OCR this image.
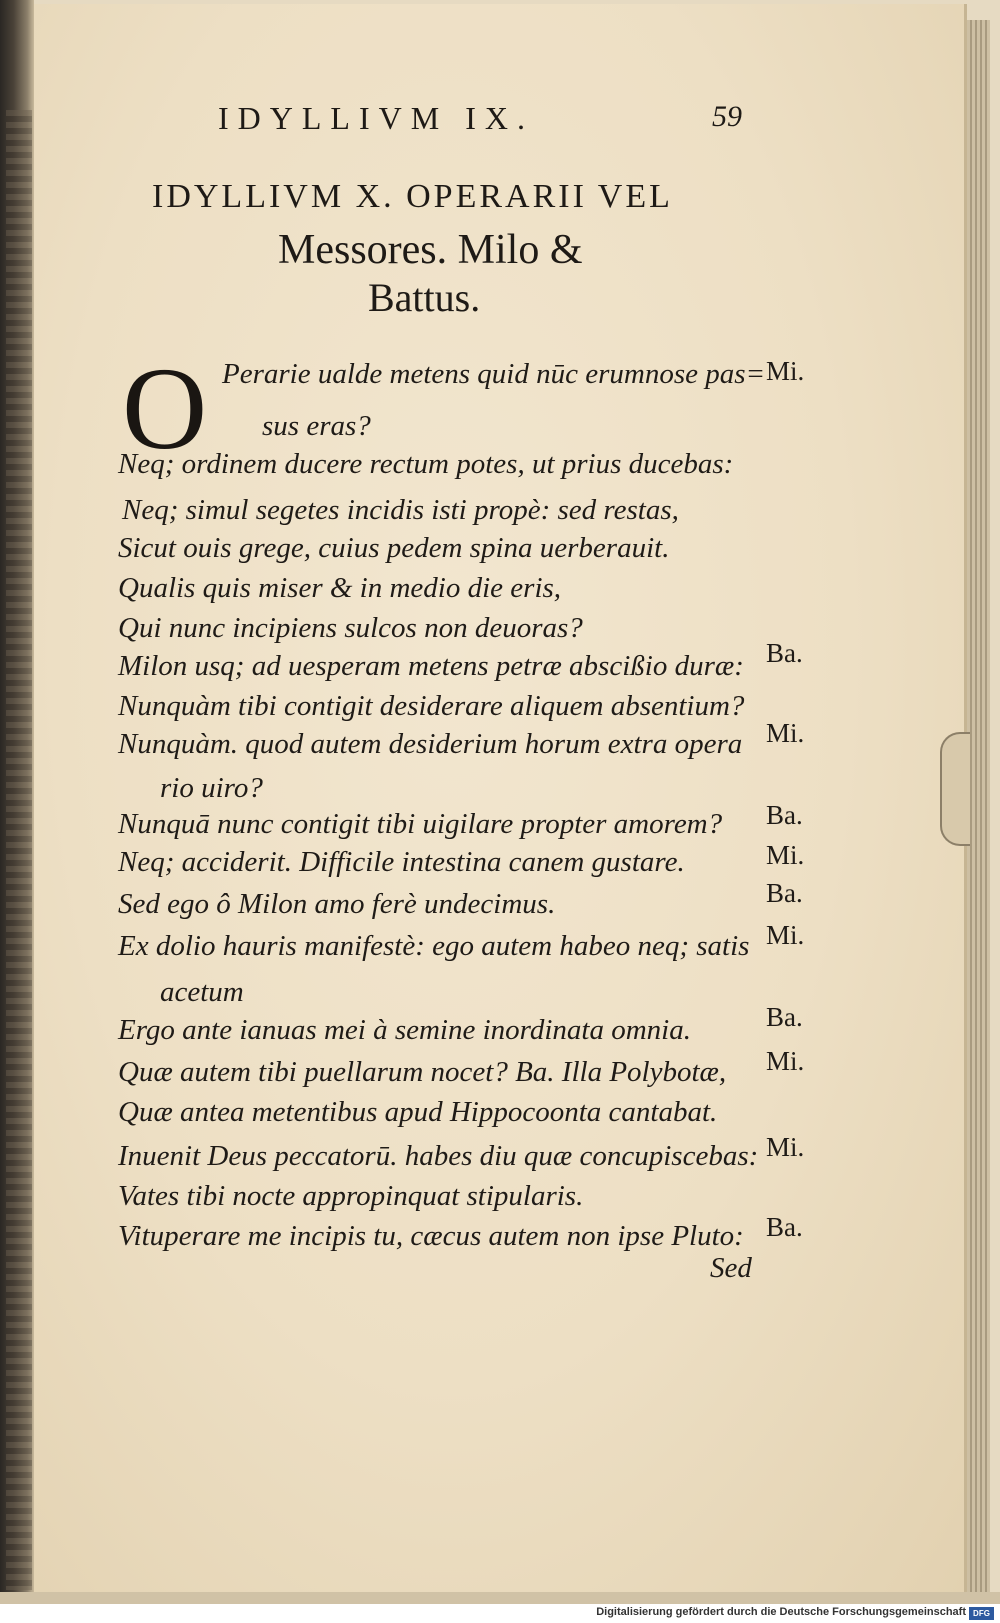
IDYLLIVM IX.	59
IDYLLIVM X. OPERARII VEL
Messores. Milo &
Battus.
O Perarie ualde metens quid nūc erumnose pas= Mi.
sus eras?
Neq; ordinem ducere rectum potes, ut prius ducebas:
Neq; simul segetes incidis isti propè: sed restas,
Sicut ouis grege, cuius pedem spina uerberauit.
Qualis quis miser & in medio die eris,
Qui nunc incipiens sulcos non deuoras?
Milon usq; ad uesperam metens petræ abscißio duræ: Ba.
Nunquàm tibi contigit desiderare aliquem absentium?
Nunquàm. quod autem desiderium horum extra opera Mi.
rio uiro?
Nunquā nunc contigit tibi uigilare propter amorem? Ba.
Neq; acciderit. Difficile intestina canem gustare.	Mi.
Sed ego ô Milon amo ferè undecimus.	Ba.
Ex dolio hauris manifestè: ego autem habeo neq; satis Mi.
acetum
Ergo ante ianuas mei à semine inordinata omnia.	Ba.
Quæ autem tibi puellarum nocet? Ba. Illa Polybotæ, Mi.
Quæ antea metentibus apud Hippocoonta cantabat.
Inuenit Deus peccatorū. habes diu quæ concupiscebas: Mi.
Vates tibi nocte appropinquat stipularis.
Vituperare me incipis tu, cæcus autem non ipse Pluto: Ba.
Sed
Digitalisierung gefördert durch die Deutsche Forschungsgemeinschaft DFG
